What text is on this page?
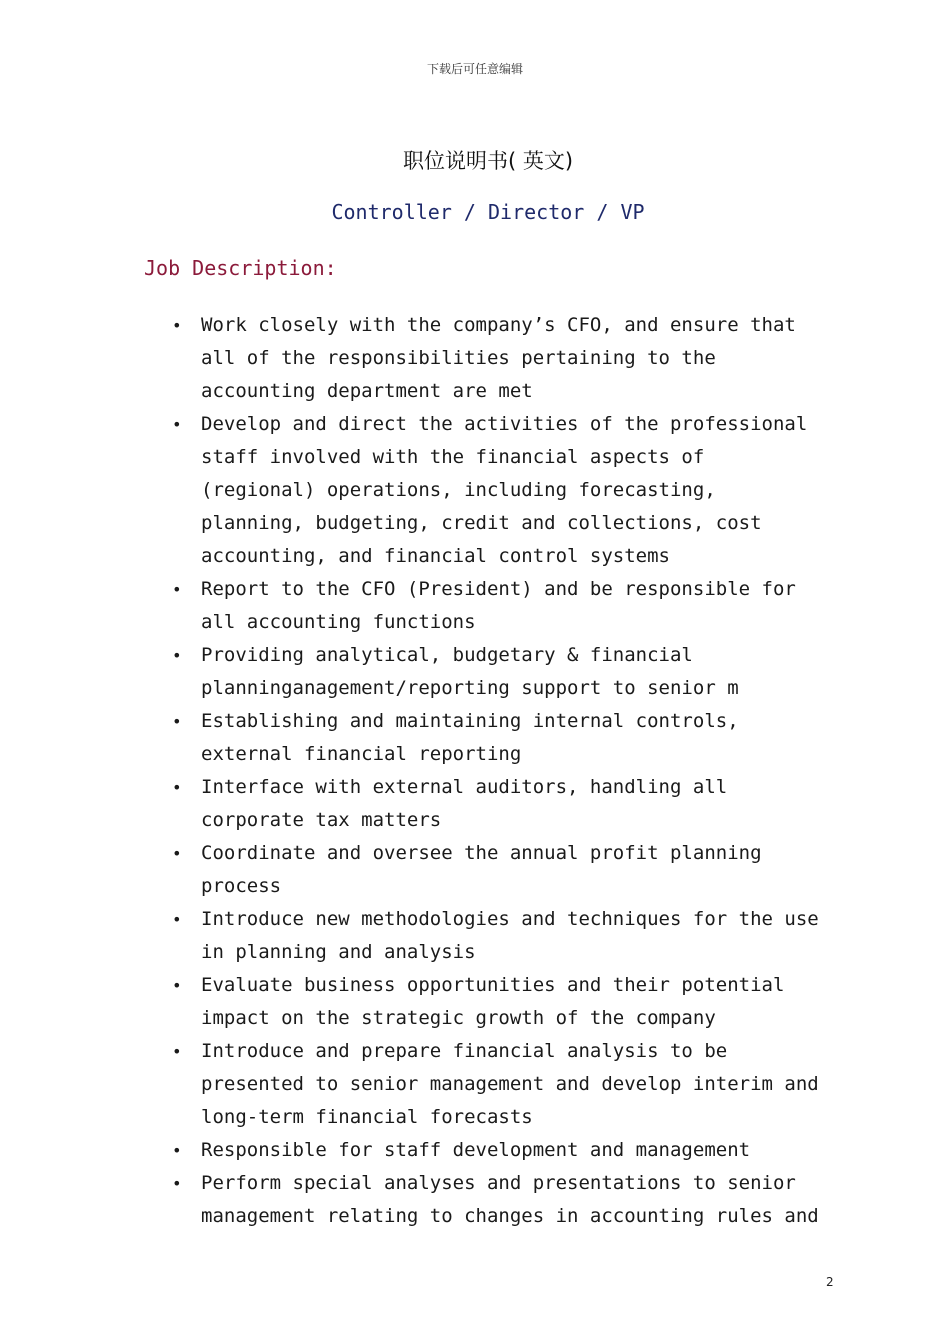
下载后可任意编辑
职位说明书( 英文)
Controller / Director / VP
Job Description:
• Work closely with the company’s CFO, and ensure that
all of the responsibilities pertaining to the
accounting department are met
• Develop and direct the activities of the professional
staff involved with the financial aspects of
(regional) operations, including forecasting,
planning, budgeting, credit and collections, cost
accounting, and financial control systems
• Report to the CFO (President) and be responsible for
all accounting functions
• Providing analytical, budgetary & financial
planninganagement/reporting support to senior m
• Establishing and maintaining internal controls,
external financial reporting
• Interface with external auditors, handling all
corporate tax matters
• Coordinate and oversee the annual profit planning
process
• Introduce new methodologies and techniques for the use
in planning and analysis
• Evaluate business opportunities and their potential
impact on the strategic growth of the company
• Introduce and prepare financial analysis to be
presented to senior management and develop interim and
long-term financial forecasts
• Responsible for staff development and management
• Perform special analyses and presentations to senior
management relating to changes in accounting rules and
2
